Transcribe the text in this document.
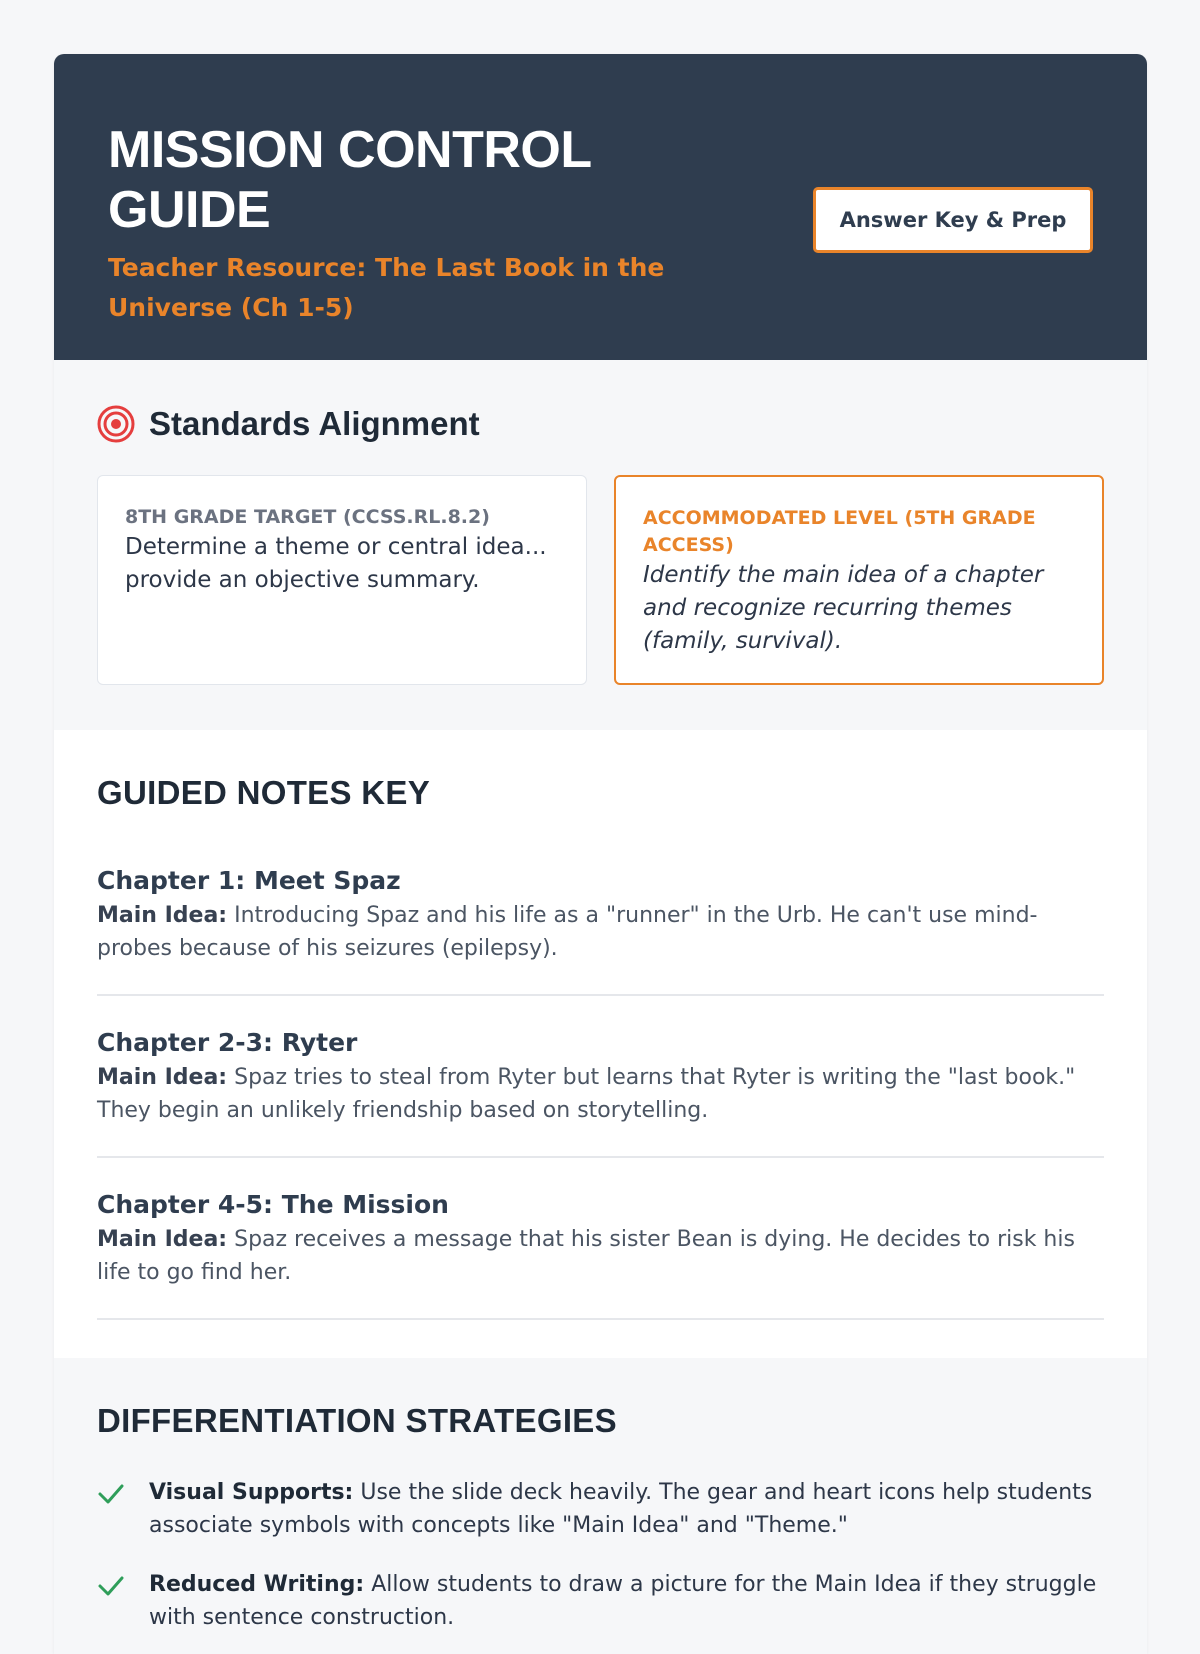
MISSION CONTROL GUIDE
Teacher Resource: The Last Book in the Universe (Ch 1-5)
Answer Key & Prep
Standards Alignment
8TH GRADE TARGET (CCSS.RL.8.2)
Determine a theme or central idea... provide an objective summary.
ACCOMMODATED LEVEL (5TH GRADE ACCESS)
Identify the main idea of a chapter and recognize recurring themes (family, survival).
GUIDED NOTES KEY
Chapter 1: Meet Spaz
Main Idea: Introducing Spaz and his life as a "runner" in the Urb. He can't use mind-probes because of his seizures (epilepsy).
Chapter 2-3: Ryter
Main Idea: Spaz tries to steal from Ryter but learns that Ryter is writing the "last book." They begin an unlikely friendship based on storytelling.
Chapter 4-5: The Mission
Main Idea: Spaz receives a message that his sister Bean is dying. He decides to risk his life to go find her.
DIFFERENTIATION STRATEGIES
Visual Supports: Use the slide deck heavily. The gear and heart icons help students associate symbols with concepts like "Main Idea" and "Theme."
Reduced Writing: Allow students to draw a picture for the Main Idea if they struggle with sentence construction.
